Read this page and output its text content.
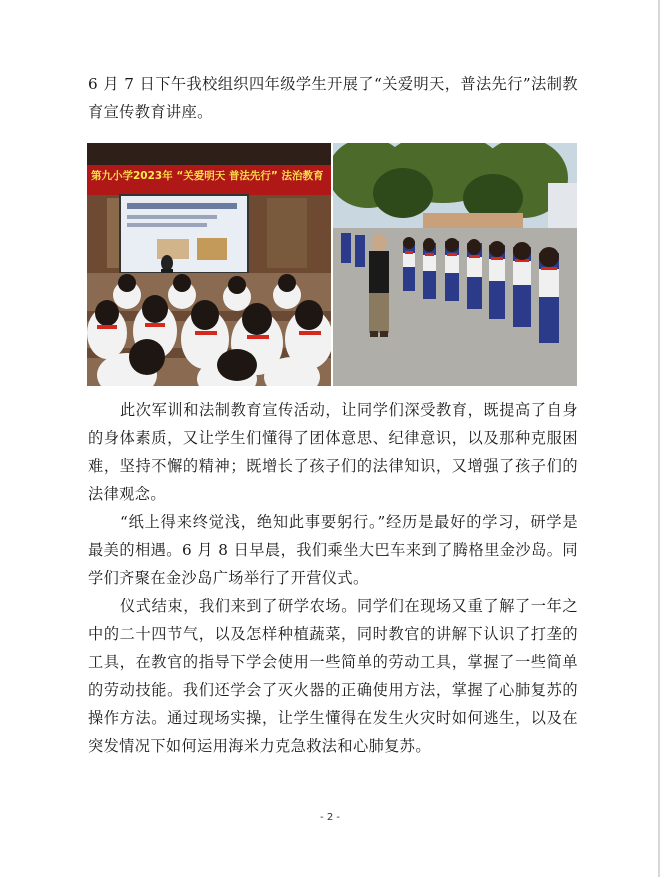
6 月 7 日下午我校组织四年级学生开展了“关爱明天，普法先行”法制教育宣传教育讲座。

第九小学2023年 “关爱明天 普法先行” 法治教育

此次军训和法制教育宣传活动，让同学们深受教育，既提高了自身的身体素质，又让学生们懂得了团体意思、纪律意识，以及那种克服困难，坚持不懈的精神；既增长了孩子们的法律知识，又增强了孩子们的法律观念。

“纸上得来终觉浅，绝知此事要躬行。”经历是最好的学习，研学是最美的相遇。6 月 8 日早晨，我们乘坐大巴车来到了腾格里金沙岛。同学们齐聚在金沙岛广场举行了开营仪式。

仪式结束，我们来到了研学农场。同学们在现场又重了解了一年之中的二十四节气，以及怎样种植蔬菜，同时教官的讲解下认识了打垄的工具，在教官的指导下学会使用一些简单的劳动工具，掌握了一些简单的劳动技能。我们还学会了灭火器的正确使用方法，掌握了心肺复苏的操作方法。通过现场实操，让学生懂得在发生火灾时如何逃生，以及在突发情况下如何运用海米力克急救法和心肺复苏。

- 2 -
